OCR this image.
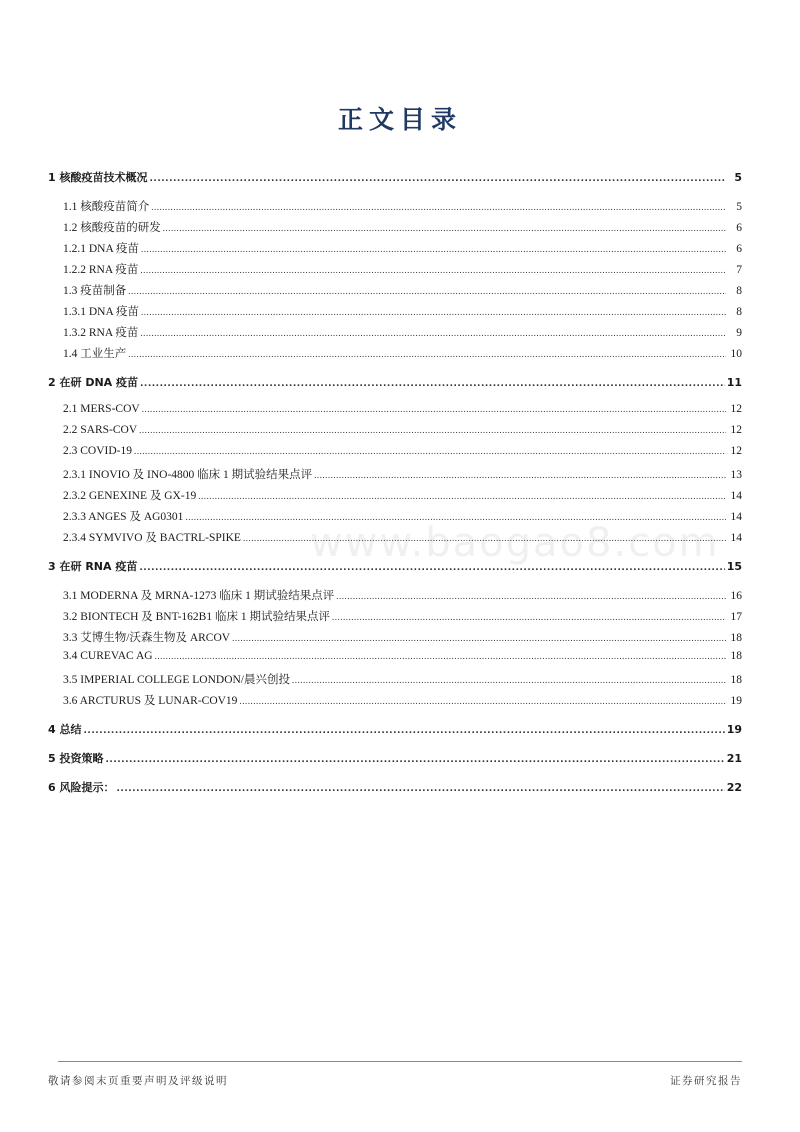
正文目录
www.baogao8.com
1 核酸疫苗技术概况 .....	5
1.1 核酸疫苗简介 .....	5
1.2 核酸疫苗的研发 .....	6
1.2.1 DNA 疫苗 .....	6
1.2.2 RNA 疫苗 .....	7
1.3 疫苗制备 .....	8
1.3.1 DNA 疫苗 .....	8
1.3.2 RNA 疫苗 .....	9
1.4 工业生产 .....	10
2 在研 DNA 疫苗 .....	11
2.1 MERS-COV .....	12
2.2 SARS-COV .....	12
2.3 COVID-19 .....	12
2.3.1 INOVIO 及 INO-4800 临床 1 期试验结果点评 .....	13
2.3.2 GENEXINE 及 GX-19 .....	14
2.3.3 ANGES 及 AG0301 .....	14
2.3.4 SYMVIVO 及 BACTRL-SPIKE .....	14
3 在研 RNA 疫苗 .....	15
3.1 MODERNA 及 MRNA-1273 临床 1 期试验结果点评 .....	16
3.2 BIONTECH 及 BNT-162B1 临床 1 期试验结果点评 .....	17
3.3 艾博生物/沃森生物及 ARCOV .....	18
3.4 CUREVAC AG .....	18
3.5 IMPERIAL COLLEGE LONDON/晨兴创投 .....	18
3.6 ARCTURUS 及 LUNAR-COV19 .....	19
4 总结 .....	19
5 投资策略 .....	21
6 风险提示： .....	22
敬请参阅末页重要声明及评级说明	证券研究报告
